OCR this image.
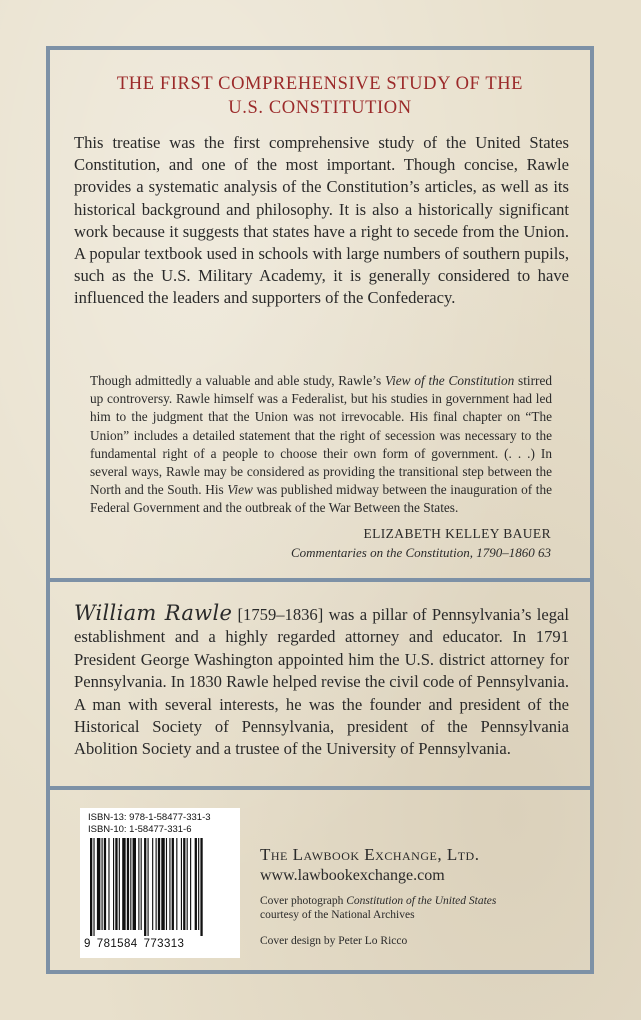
THE FIRST COMPREHENSIVE STUDY OF THE
U.S. CONSTITUTION

This treatise was the first comprehensive study of the United States Constitution, and one of the most important. Though concise, Rawle provides a systematic analysis of the Constitution’s articles, as well as its historical background and philosophy. It is also a historically significant work because it suggests that states have a right to secede from the Union. A popular textbook used in schools with large numbers of southern pupils, such as the U.S. Military Academy, it is generally considered to have influenced the leaders and supporters of the Confederacy.

Though admittedly a valuable and able study, Rawle’s View of the Constitution stirred up controversy. Rawle himself was a Federalist, but his studies in government had led him to the judgment that the Union was not irrevocable. His final chapter on “The Union” includes a detailed statement that the right of secession was necessary to the fundamental right of a people to choose their own form of government. (. . .) In several ways, Rawle may be considered as providing the transitional step between the North and the South. His View was published midway between the inauguration of the Federal Government and the outbreak of the War Between the States.

ELIZABETH KELLEY BAUER

Commentaries on the Constitution, 1790–1860 63

William Rawle [1759–1836] was a pillar of Pennsylvania’s legal establishment and a highly regarded attorney and educator. In 1791 President George Washington appointed him the U.S. district attorney for Pennsylvania. In 1830 Rawle helped revise the civil code of Pennsylvania. A man with several interests, he was the founder and president of the Historical Society of Pennsylvania, president of the Pennsylvania Abolition Society and a trustee of the University of Pennsylvania.

ISBN-13: 978-1-58477-331-3

ISBN-10: 1-58477-331-6

9 781584 773313

The Lawbook Exchange, Ltd.

www.lawbookexchange.com

Cover photograph Constitution of the United States
courtesy of the National Archives

Cover design by Peter Lo Ricco
